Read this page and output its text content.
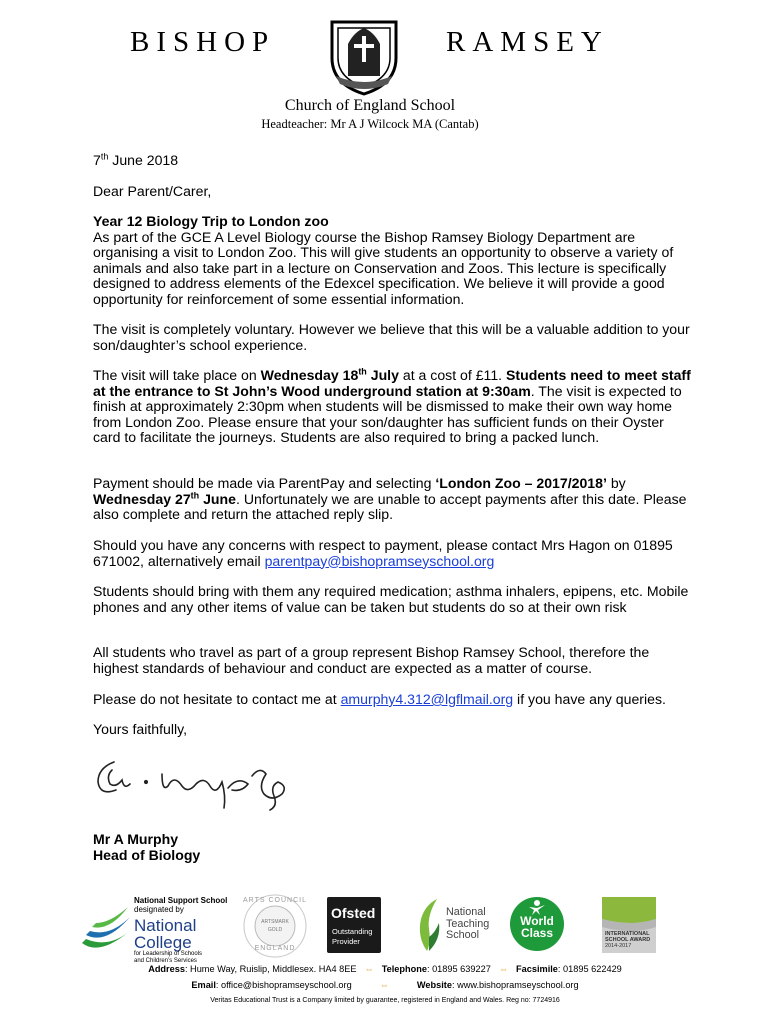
BISHOP	RAMSEY
Church of England School
Headteacher: Mr A J Wilcock MA (Cantab)
7th June 2018
Dear Parent/Carer,

Year 12 Biology Trip to London zoo

As part of the GCE A Level Biology course the Bishop Ramsey Biology Department are organising a visit to London Zoo. This will give students an opportunity to observe a variety of animals and also take part in a lecture on Conservation and Zoos. This lecture is specifically designed to address elements of the Edexcel specification. We believe it will provide a good opportunity for reinforcement of some essential information.

The visit is completely voluntary. However we believe that this will be a valuable addition to your son/daughter’s school experience.
The visit will take place on Wednesday 18th July at a cost of £11. Students need to meet staff at the entrance to St John’s Wood underground station at 9:30am. The visit is expected to finish at approximately 2:30pm when students will be dismissed to make their own way home from London Zoo. Please ensure that your son/daughter has sufficient funds on their Oyster card to facilitate the journeys. Students are also required to bring a packed lunch.
Payment should be made via ParentPay and selecting ‘London Zoo – 2017/2018’ by Wednesday 27th June. Unfortunately we are unable to accept payments after this date. Please also complete and return the attached reply slip.
Should you have any concerns with respect to payment, please contact Mrs Hagon on 01895 671002, alternatively email parentpay@bishopramseyschool.org
Students should bring with them any required medication; asthma inhalers, epipens, etc. Mobile phones and any other items of value can be taken but students do so at their own risk
All students who travel as part of a group represent Bishop Ramsey School, therefore the highest standards of behaviour and conduct are expected as a matter of course.
Please do not hesitate to contact me at amurphy4.312@lgflmail.org if you have any queries.
Yours faithfully,

Mr A Murphy

Head of Biology

National Support School
designated by
National College
for Leadership of Schools
and Children’s Services
ARTS COUNCIL
ARTSMARK
GOLD
ENGLAND
Ofsted
Outstanding
Provider
National
Teaching
School
World
Class	INTERNATIONAL
SCHOOL AWARD
2014-2017
Address: Hume Way, Ruislip, Middlesex. HA4 8EE ⇔ Telephone: 01895 639227 ⇔ Facsimile: 01895 622429
Email: office@bishopramseyschool.org	⇔	Website: www.bishopramseyschool.org
Veritas Educational Trust is a Company limited by guarantee, registered in England and Wales. Reg no: 7724916
